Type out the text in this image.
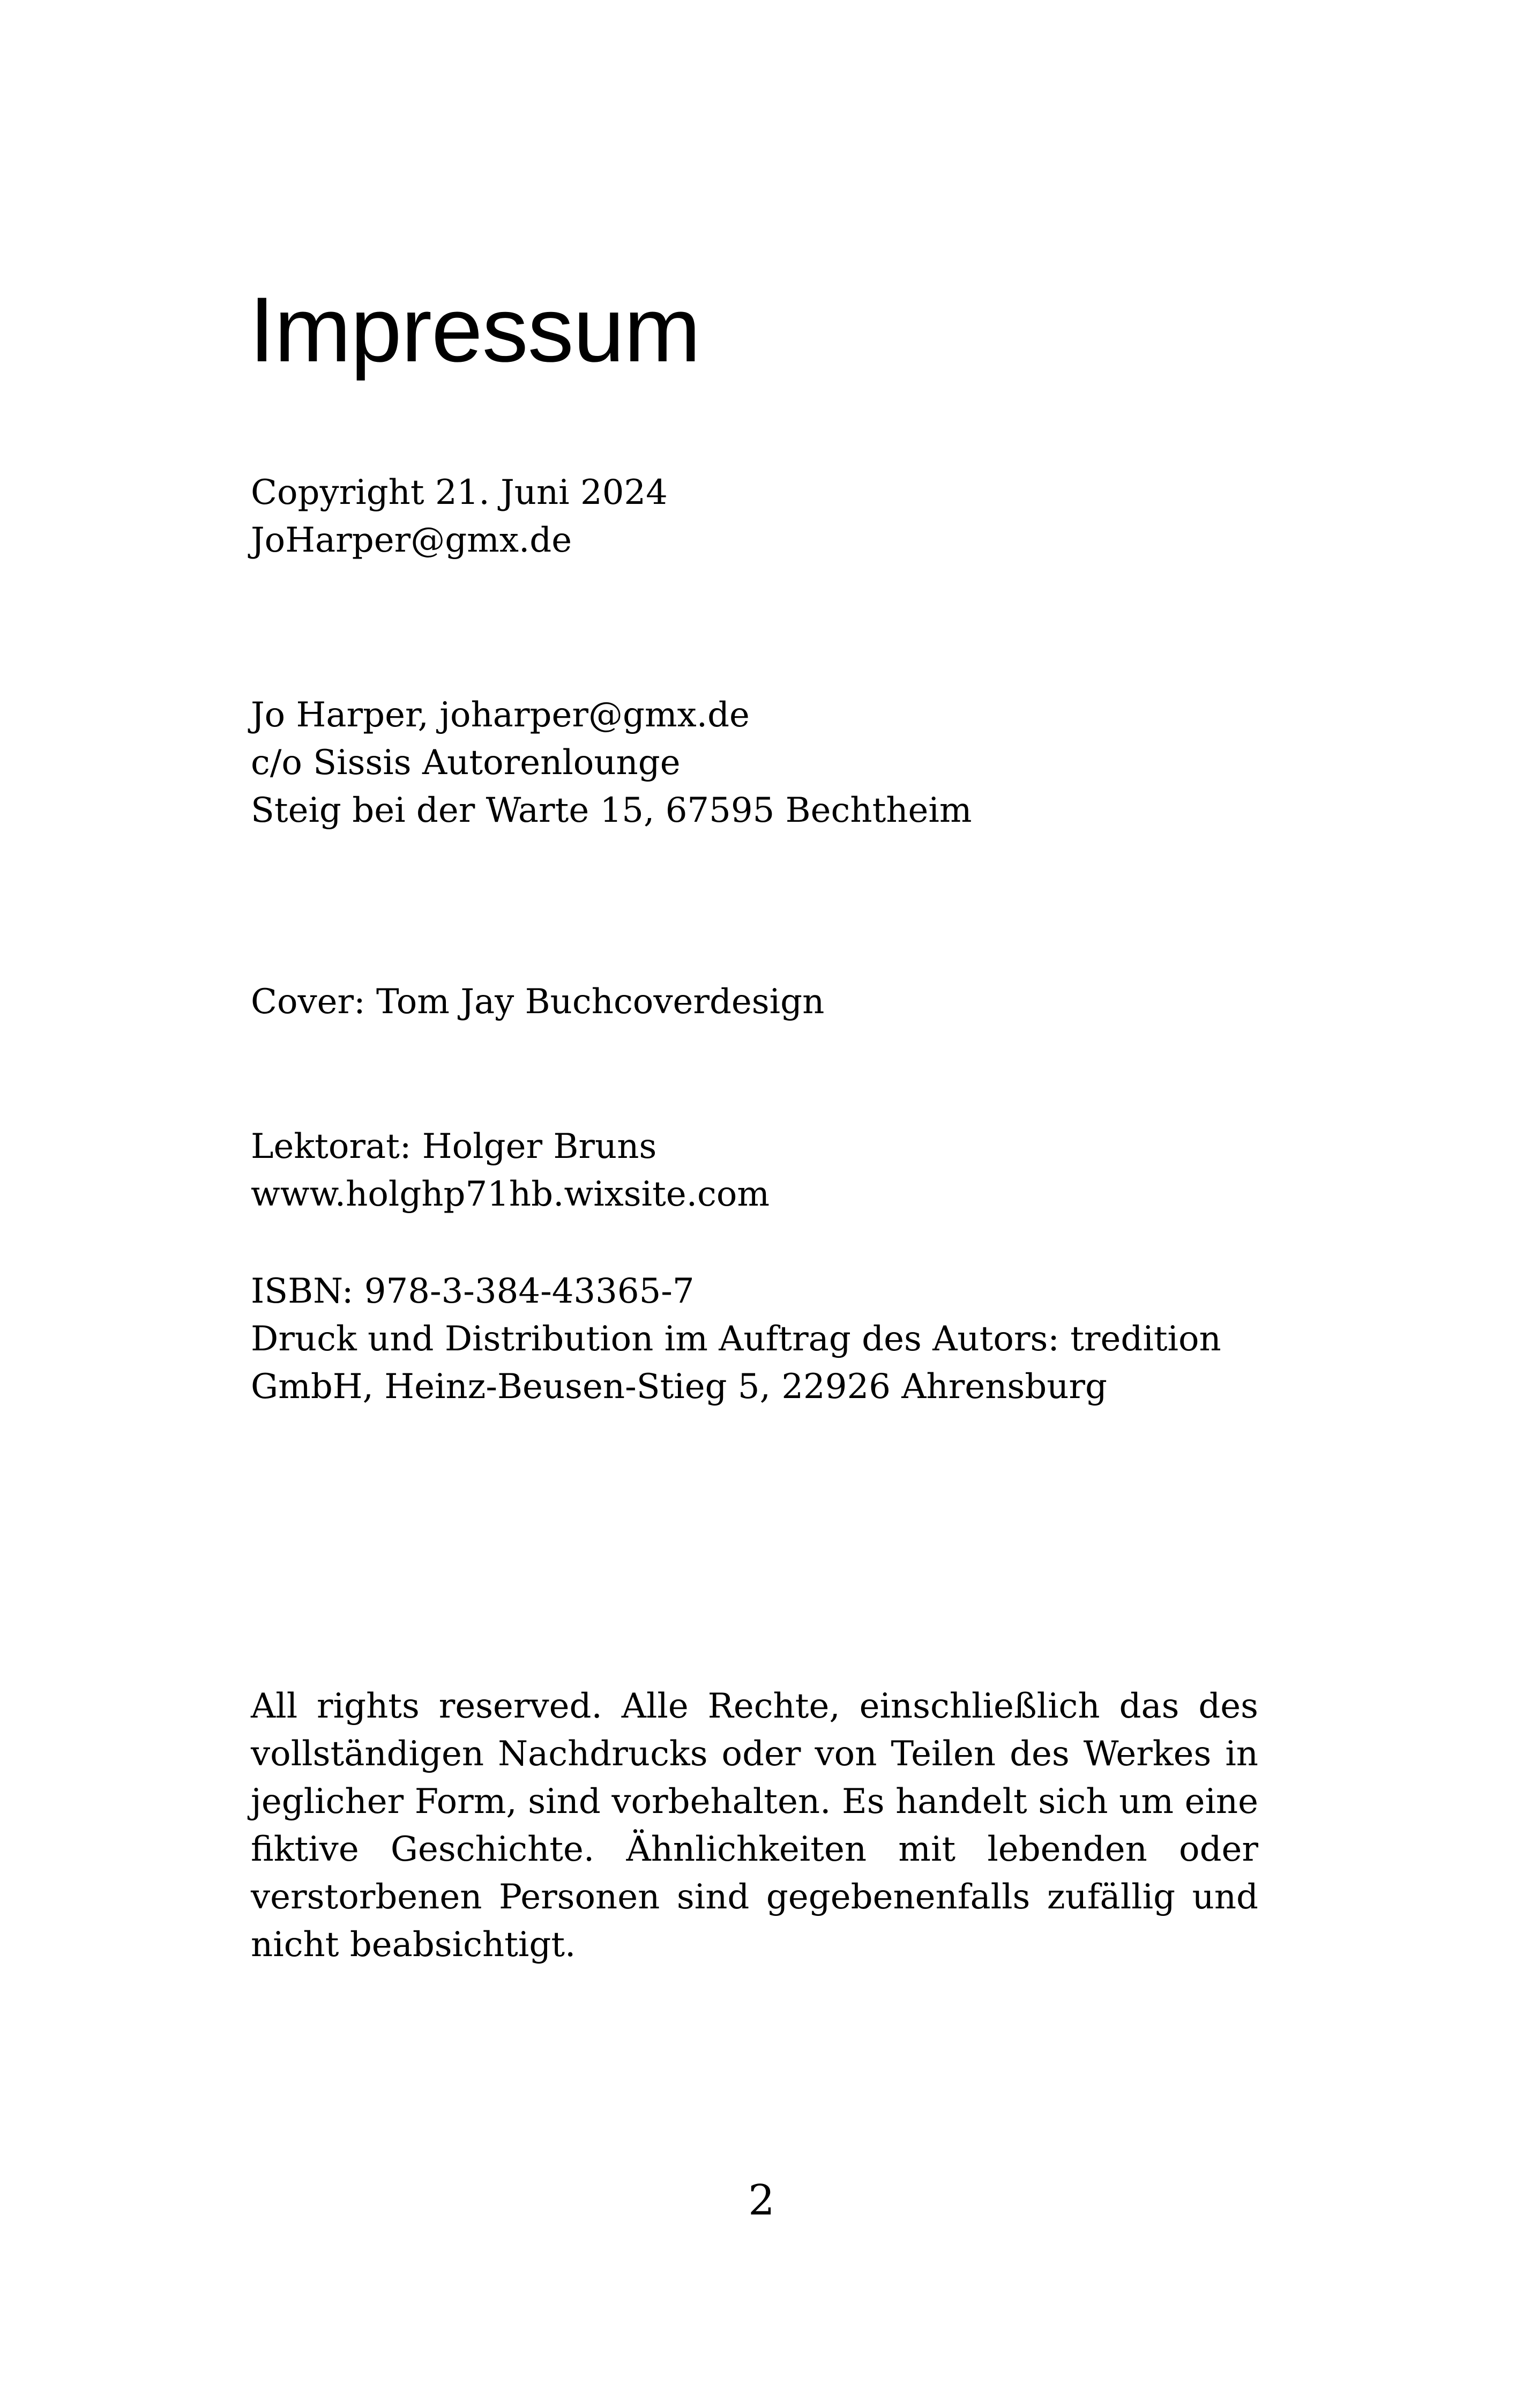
Impressum
Copyright 21. Juni 2024
JoHarper@gmx.de
Jo Harper, joharper@gmx.de
c/o Sissis Autorenlounge
Steig bei der Warte 15, 67595 Bechtheim
Cover: Tom Jay Buchcoverdesign
Lektorat: Holger Bruns
www.holghp71hb.wixsite.com
ISBN: 978-3-384-43365-7
Druck und Distribution im Auftrag des Autors: tredition
GmbH, Heinz-Beusen-Stieg 5, 22926 Ahrensburg

All rights reserved. Alle Rechte, einschließlich das des vollständigen Nachdrucks oder von Teilen des Werkes in jeglicher Form, sind vorbehalten. Es handelt sich um eine fiktive Geschichte. Ähnlichkeiten mit lebenden oder verstorbenen Personen sind gegebenenfalls zufällig und nicht beabsichtigt.

2
